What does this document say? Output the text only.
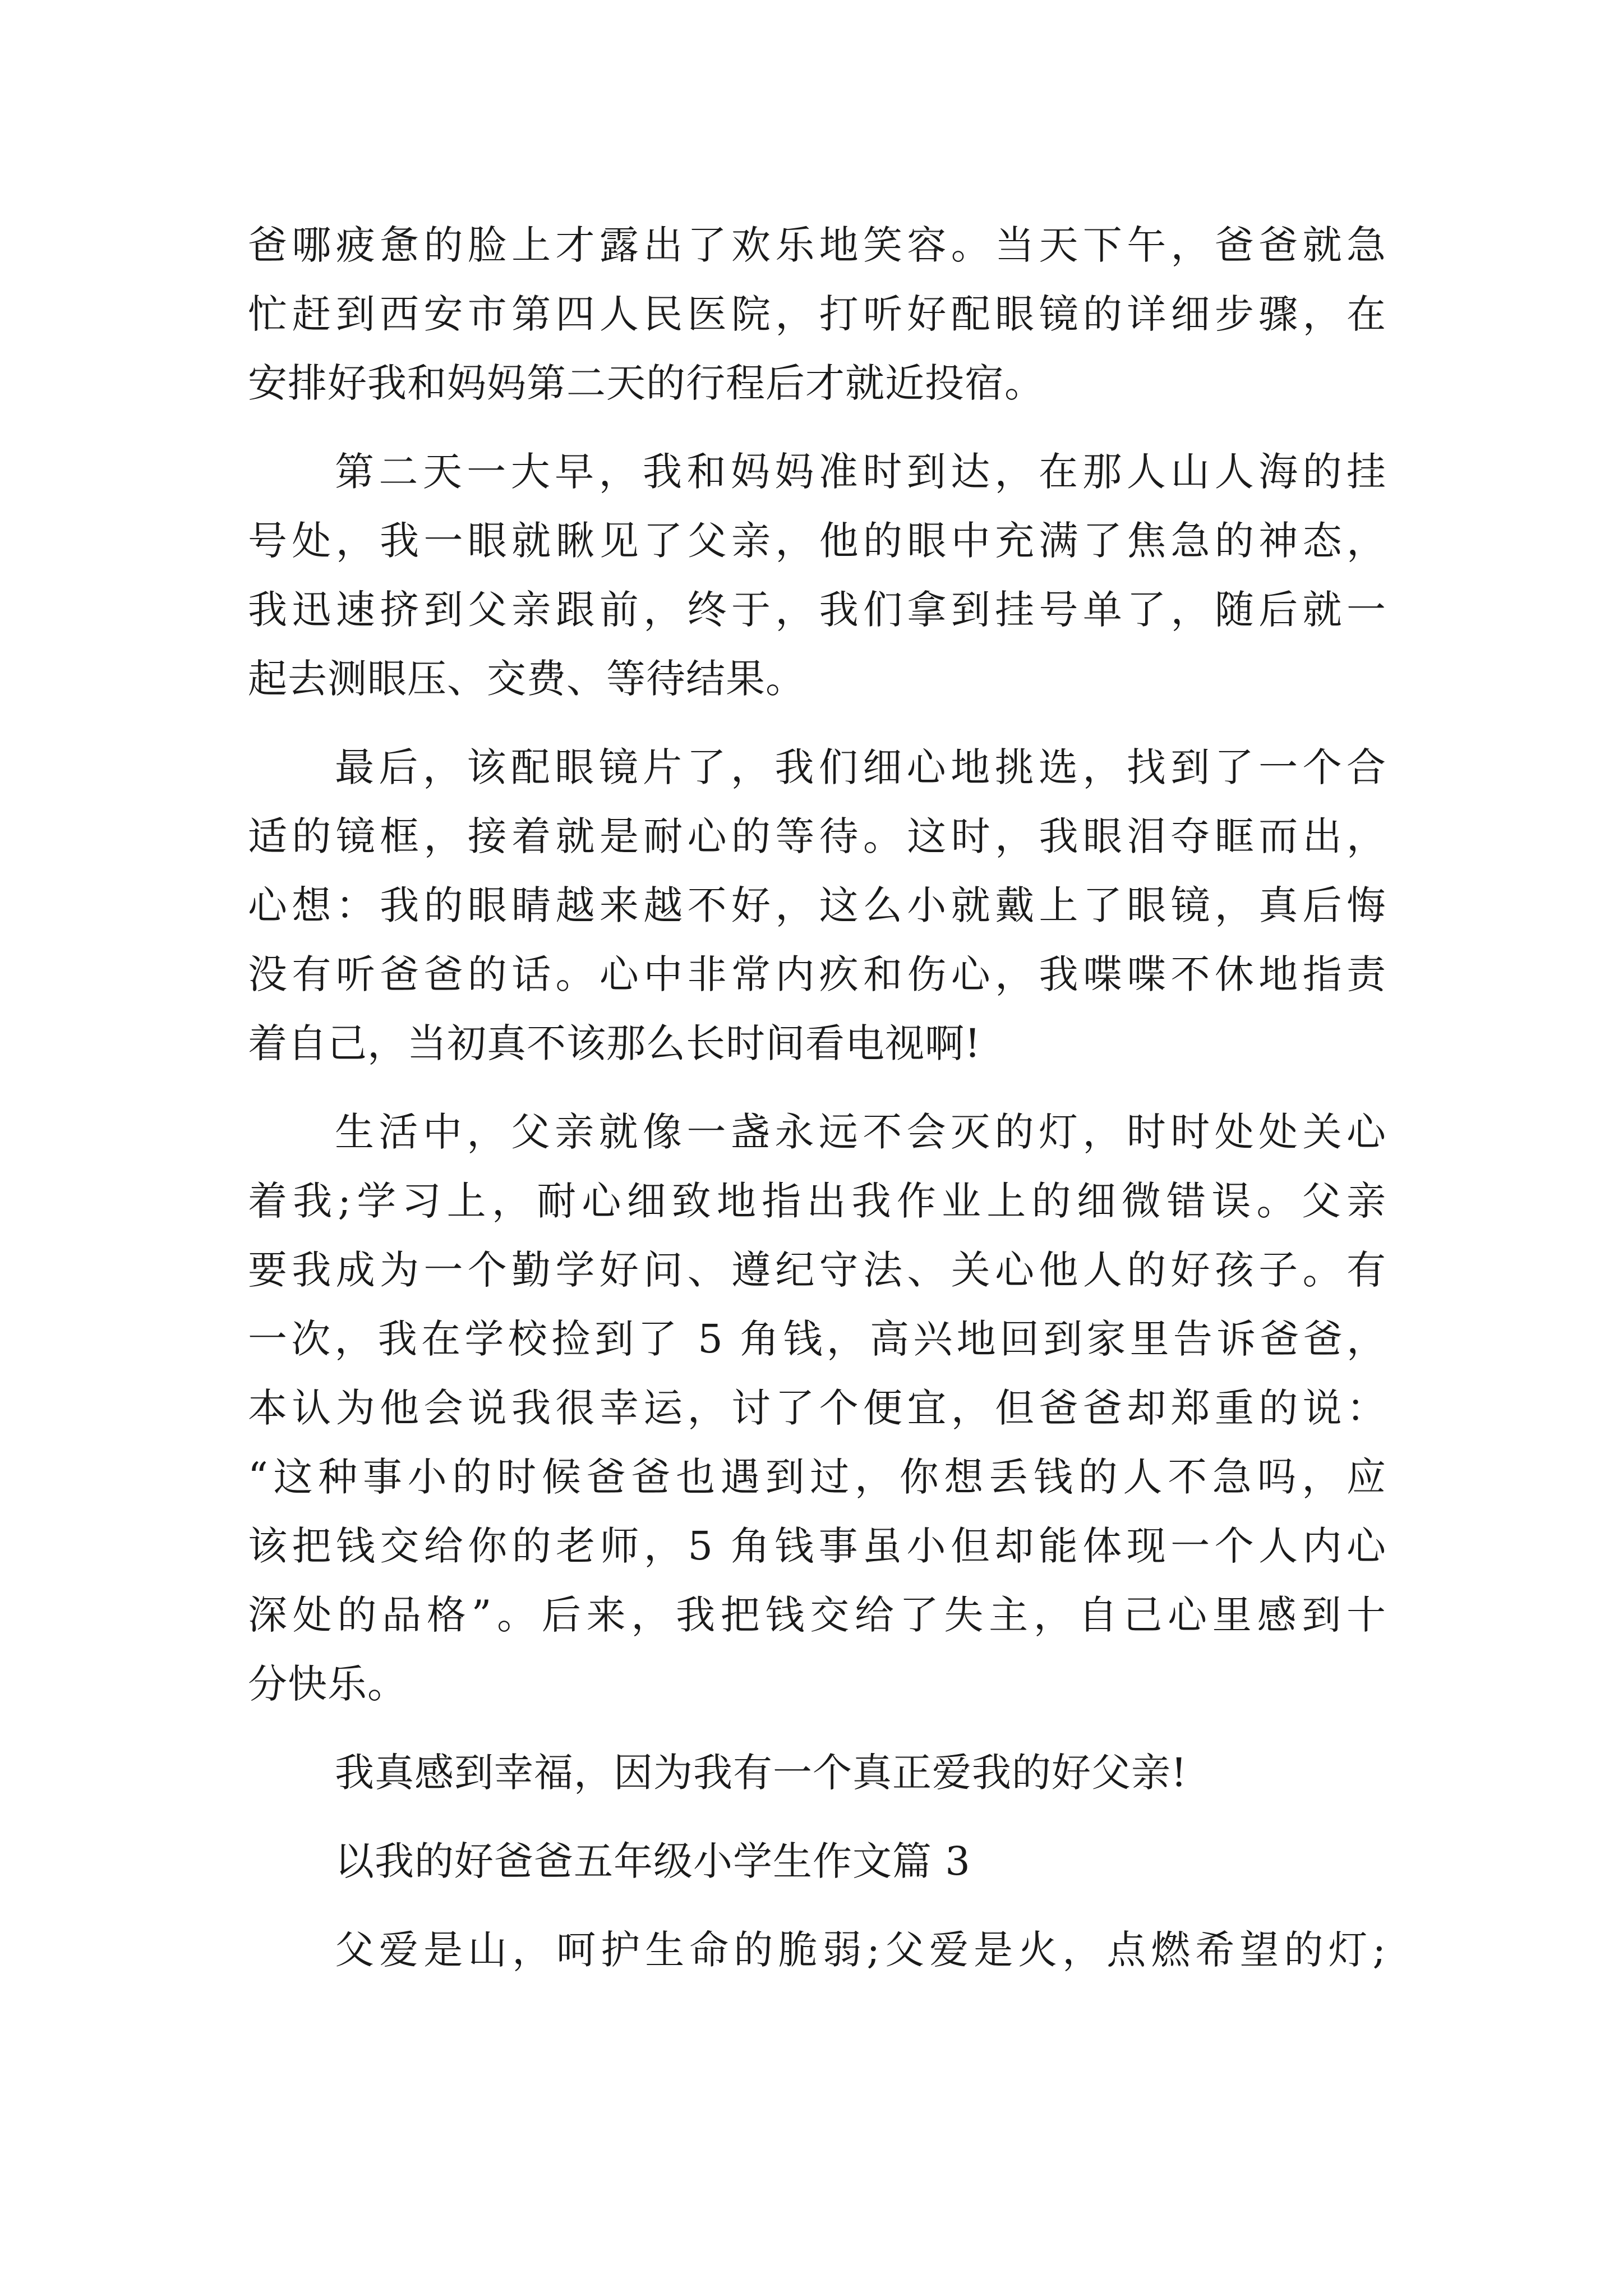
爸哪疲惫的脸上才露出了欢乐地笑容。当天下午，爸爸就急
忙赶到西安市第四人民医院，打听好配眼镜的详细步骤，在
安排好我和妈妈第二天的行程后才就近投宿。
第二天一大早，我和妈妈准时到达，在那人山人海的挂
号处，我一眼就瞅见了父亲，他的眼中充满了焦急的神态，
我迅速挤到父亲跟前，终于，我们拿到挂号单了，随后就一
起去测眼压、交费、等待结果。
最后，该配眼镜片了，我们细心地挑选，找到了一个合
适的镜框，接着就是耐心的等待。这时，我眼泪夺眶而出，
心想：我的眼睛越来越不好，这么小就戴上了眼镜，真后悔
没有听爸爸的话。心中非常内疚和伤心，我喋喋不休地指责
着自己，当初真不该那么长时间看电视啊!
生活中，父亲就像一盏永远不会灭的灯，时时处处关心
着我;学习上，耐心细致地指出我作业上的细微错误。父亲
要我成为一个勤学好问、遵纪守法、关心他人的好孩子。有
一次，我在学校捡到了 5 角钱，高兴地回到家里告诉爸爸，
本认为他会说我很幸运，讨了个便宜，但爸爸却郑重的说：
“这种事小的时候爸爸也遇到过，你想丢钱的人不急吗，应
该把钱交给你的老师，5 角钱事虽小但却能体现一个人内心
深处的品格”。后来，我把钱交给了失主，自己心里感到十
分快乐。
我真感到幸福，因为我有一个真正爱我的好父亲!
以我的好爸爸五年级小学生作文篇 3
父爱是山，呵护生命的脆弱;父爱是火，点燃希望的灯;
